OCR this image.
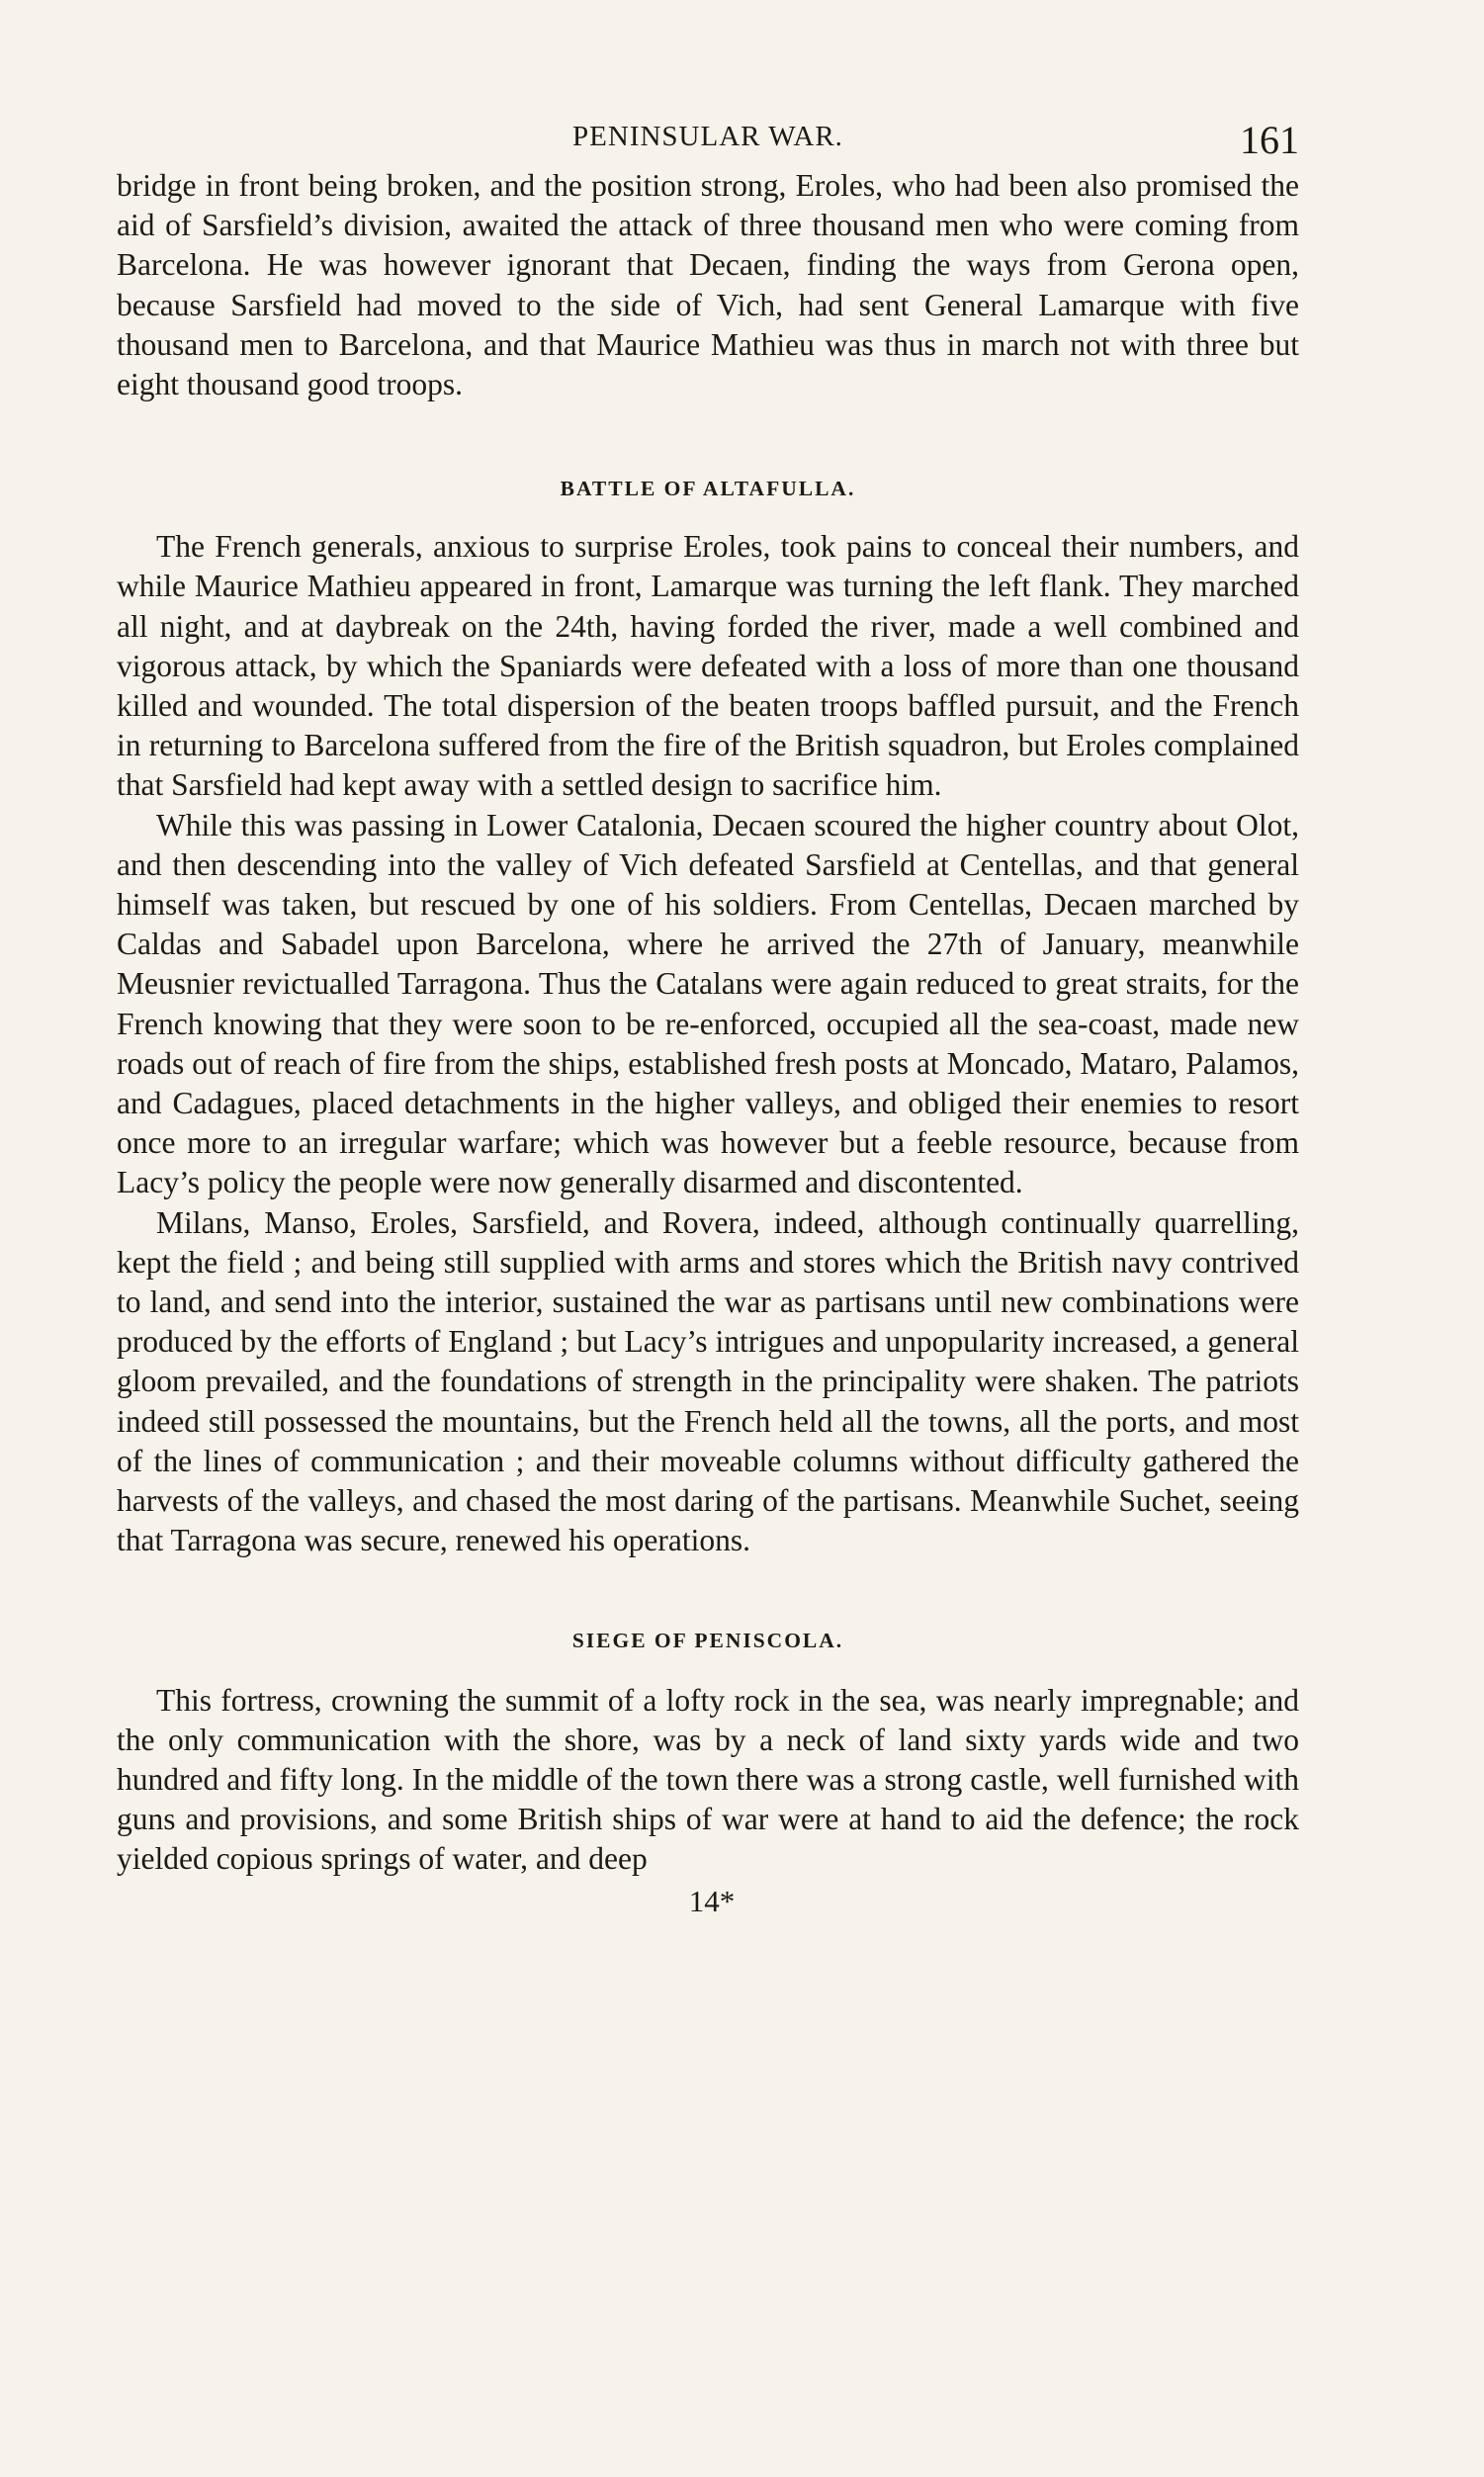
PENINSULAR WAR.	161

bridge in front being broken, and the position strong, Eroles, who had been also promised the aid of Sarsfield’s division, awaited the attack of three thousand men who were coming from Barcelona. He was however ignorant that Decaen, finding the ways from Gerona open, because Sarsfield had moved to the side of Vich, had sent General Lamarque with five thousand men to Barcelona, and that Maurice Mathieu was thus in march not with three but eight thousand good troops.

BATTLE OF ALTAFULLA.

The French generals, anxious to surprise Eroles, took pains to conceal their numbers, and while Maurice Mathieu appeared in front, Lamarque was turning the left flank. They marched all night, and at daybreak on the 24th, having forded the river, made a well combined and vigorous attack, by which the Spaniards were defeated with a loss of more than one thousand killed and wounded. The total dispersion of the beaten troops baffled pursuit, and the French in returning to Barcelona suffered from the fire of the British squadron, but Eroles complained that Sarsfield had kept away with a settled design to sacrifice him.

While this was passing in Lower Catalonia, Decaen scoured the higher country about Olot, and then descending into the valley of Vich defeated Sarsfield at Centellas, and that general himself was taken, but rescued by one of his soldiers. From Centellas, Decaen marched by Caldas and Sabadel upon Barcelona, where he arrived the 27th of January, meanwhile Meusnier revictualled Tarragona. Thus the Catalans were again reduced to great straits, for the French knowing that they were soon to be re-enforced, occupied all the sea-coast, made new roads out of reach of fire from the ships, established fresh posts at Moncado, Mataro, Palamos, and Cadagues, placed detachments in the higher valleys, and obliged their enemies to resort once more to an irregular warfare; which was however but a feeble resource, because from Lacy’s policy the people were now generally disarmed and discontented.

Milans, Manso, Eroles, Sarsfield, and Rovera, indeed, although continually quarrelling, kept the field ; and being still supplied with arms and stores which the British navy contrived to land, and send into the interior, sustained the war as partisans until new combinations were produced by the efforts of England ; but Lacy’s intrigues and unpopularity increased, a general gloom prevailed, and the foundations of strength in the principality were shaken. The patriots indeed still possessed the mountains, but the French held all the towns, all the ports, and most of the lines of communication ; and their moveable columns without difficulty gathered the harvests of the valleys, and chased the most daring of the partisans. Meanwhile Suchet, seeing that Tarragona was secure, renewed his operations.

SIEGE OF PENISCOLA.

This fortress, crowning the summit of a lofty rock in the sea, was nearly impregnable; and the only communication with the shore, was by a neck of land sixty yards wide and two hundred and fifty long. In the middle of the town there was a strong castle, well furnished with guns and provisions, and some British ships of war were at hand to aid the defence; the rock yielded copious springs of water, and deep

14*
